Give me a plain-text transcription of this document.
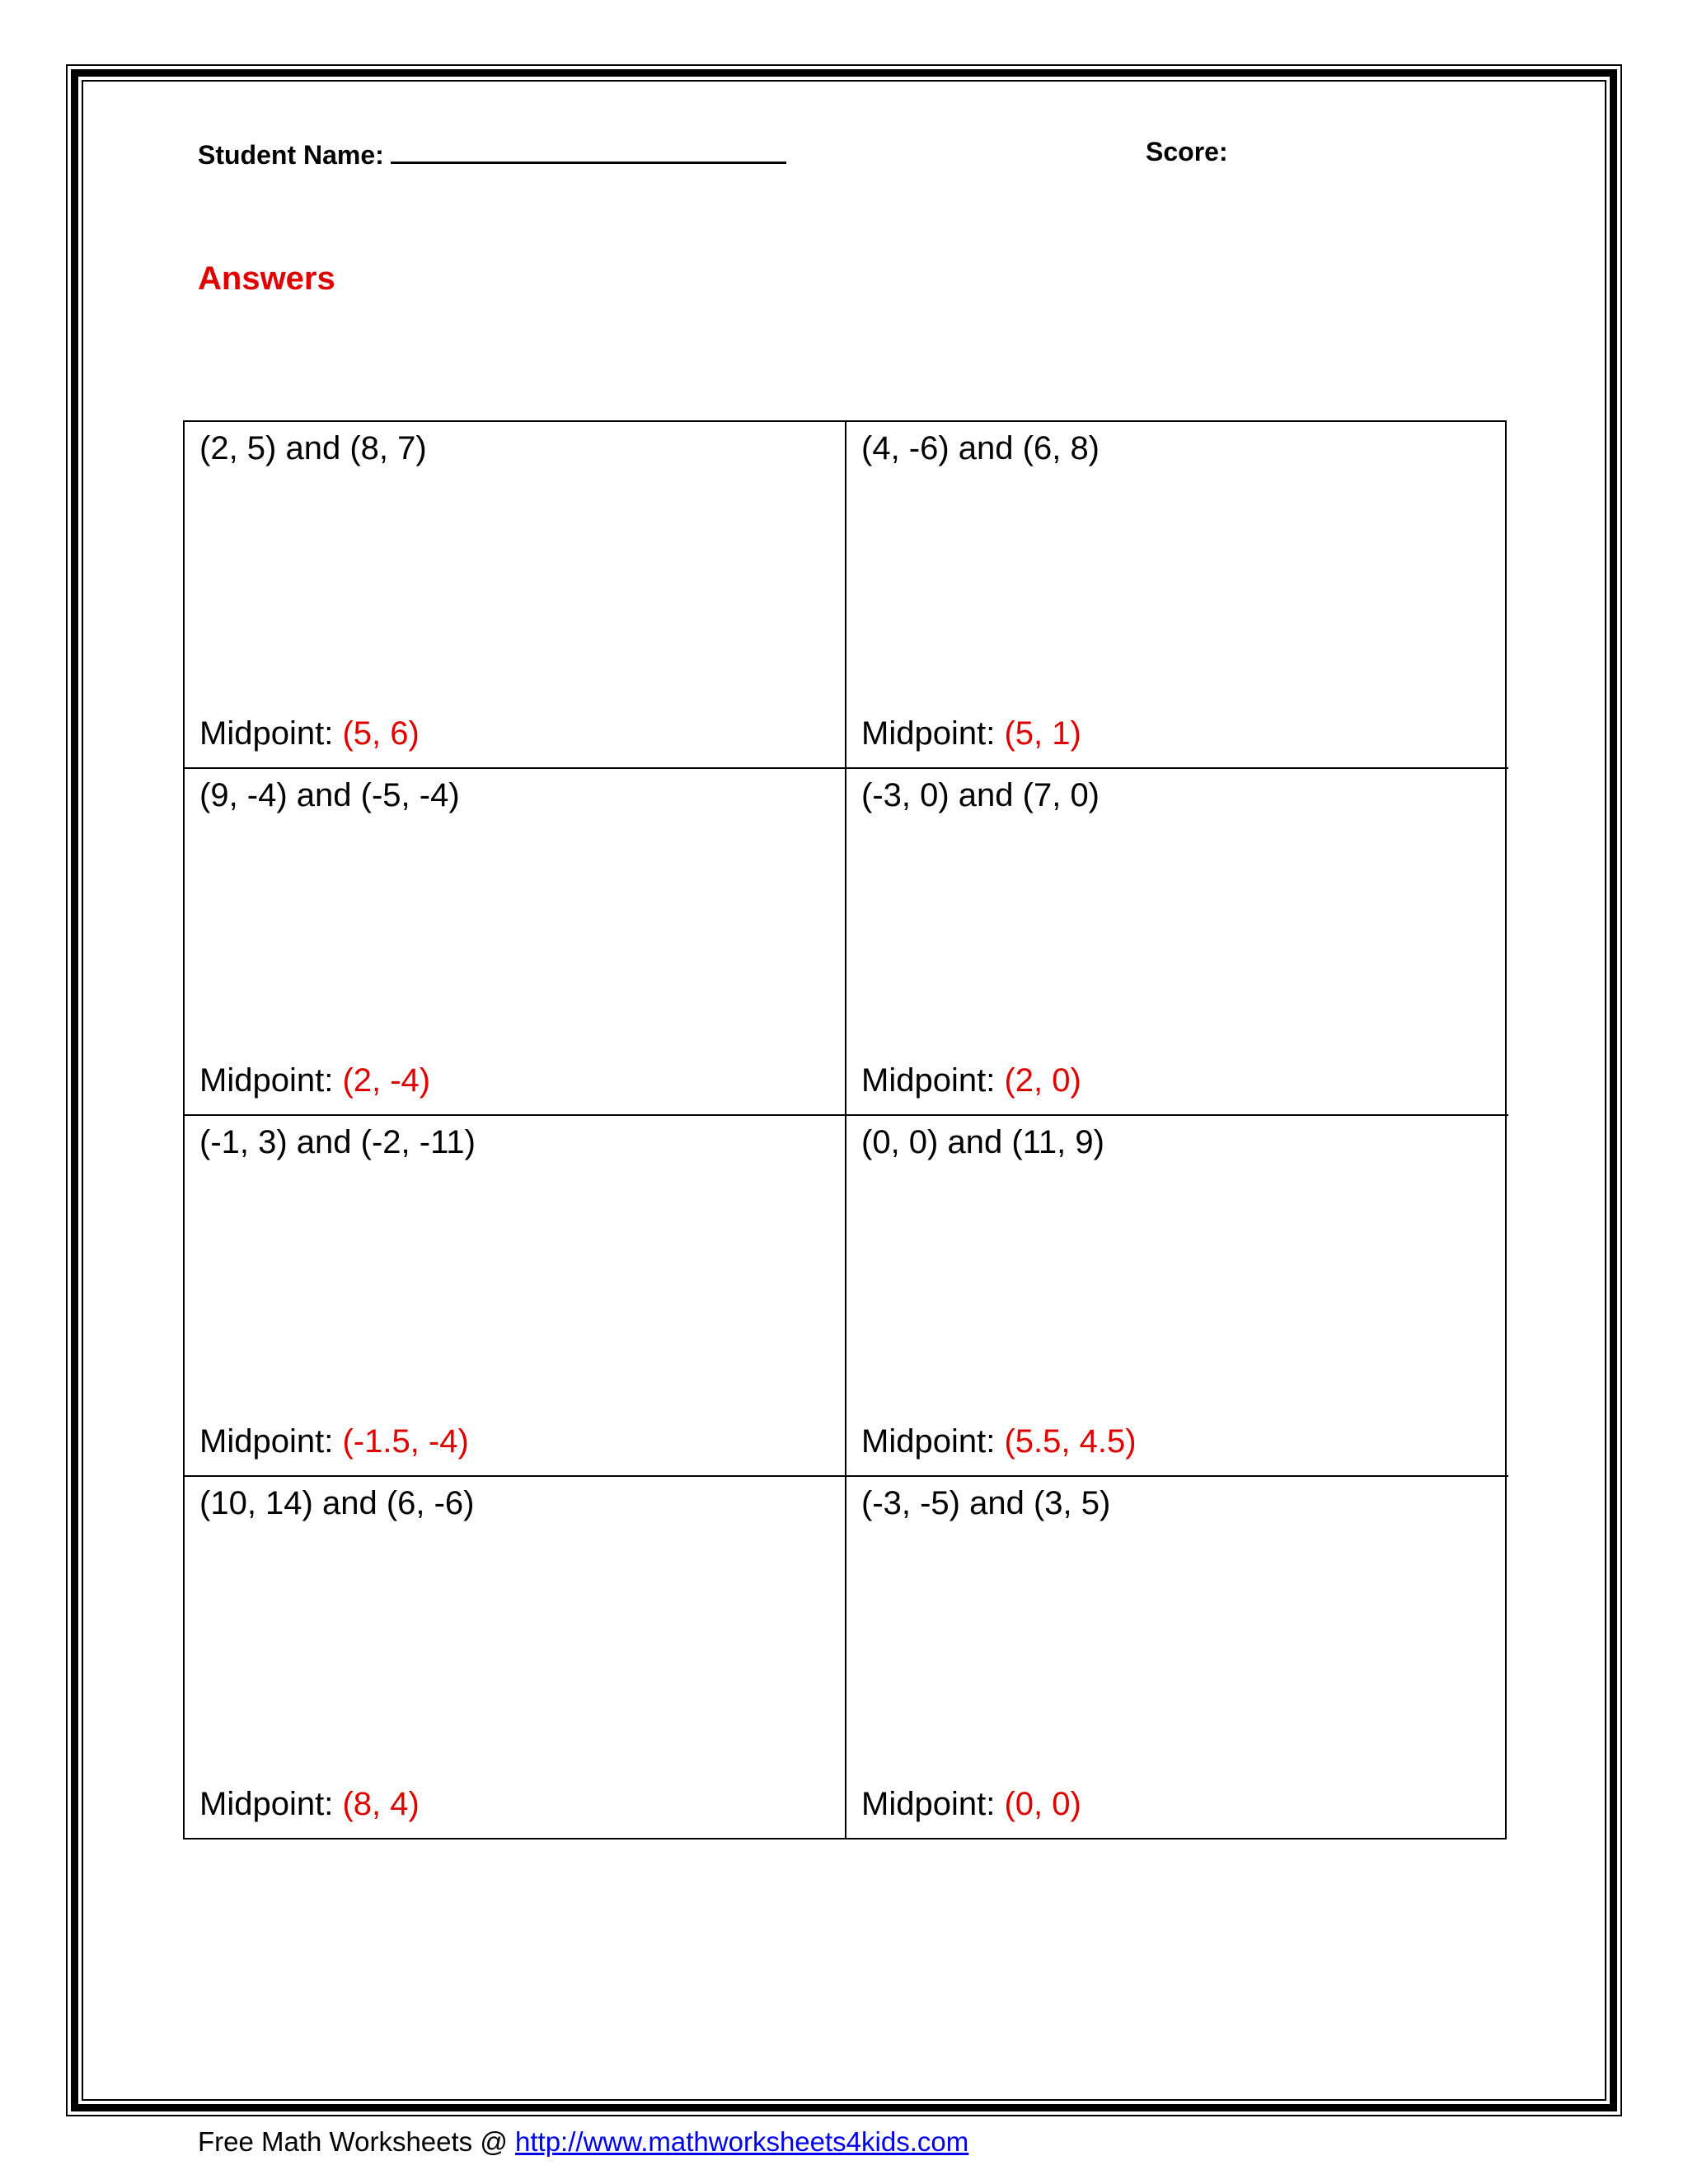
Student Name:	Score:
Answers
(2, 5) and (8, 7)
Midpoint: (5, 6)
(4, -6) and (6, 8)
Midpoint: (5, 1)
(9, -4) and (-5, -4)
Midpoint: (2, -4)
(-3, 0) and (7, 0)
Midpoint: (2, 0)
(-1, 3) and (-2, -11)
Midpoint: (-1.5, -4)
(0, 0) and (11, 9)
Midpoint: (5.5, 4.5)
(10, 14) and (6, -6)
Midpoint: (8, 4)
(-3, -5) and (3, 5)
Midpoint: (0, 0)
Free Math Worksheets @ http://www.mathworksheets4kids.com
